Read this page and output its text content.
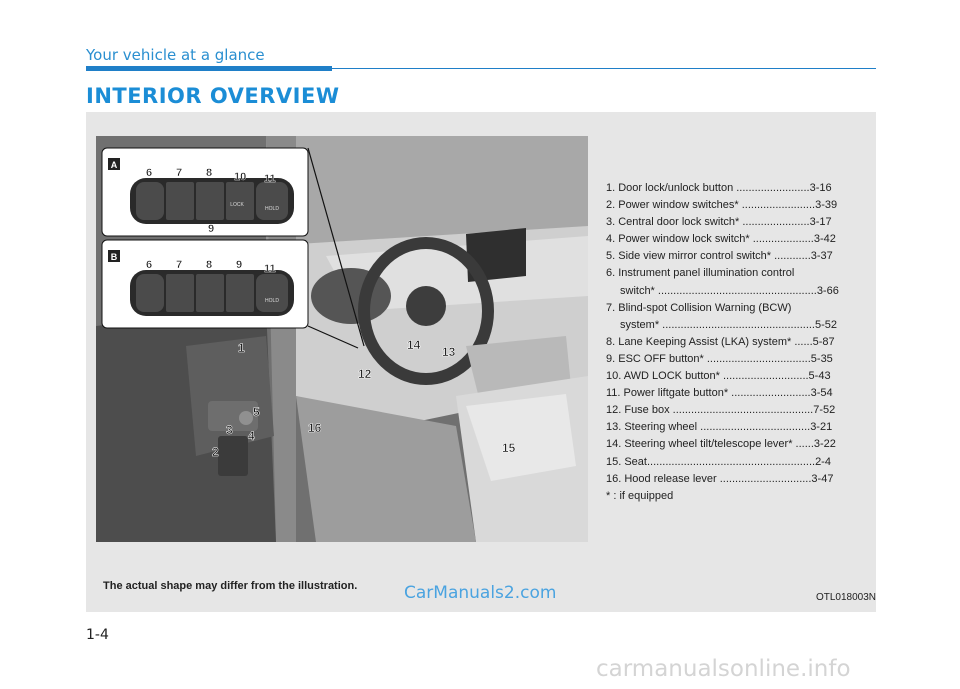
Your vehicle at a glance
INTERIOR OVERVIEW
A
LOCK
HOLD
6 7 8 10 11
9
B
HOLD
6 7 8 9 11
1
2
3 4
5
12
13
15
14
16
1. Door lock/unlock button ........................3-16
2. Power window switches* ........................3-39
3. Central door lock switch* ......................3-17
4. Power window lock switch* ....................3-42
5. Side view mirror control switch* ............3-37
6. Instrument panel illumination control
switch* ....................................................3-66
7. Blind-spot Collision Warning (BCW)
system* ..................................................5-52
8. Lane Keeping Assist (LKA) system* ......5-87
9. ESC OFF button* ..................................5-35
10. AWD LOCK button* ............................5-43
11. Power liftgate button* ..........................3-54
12. Fuse box ..............................................7-52
13. Steering wheel ....................................3-21
14. Steering wheel tilt/telescope lever* ......3-22
15. Seat.......................................................2-4
16. Hood release lever ..............................3-47
* : if equipped
The actual shape may differ from the illustration.	CarManuals2.com	OTL018003N
1-4
carmanualsonline.info
